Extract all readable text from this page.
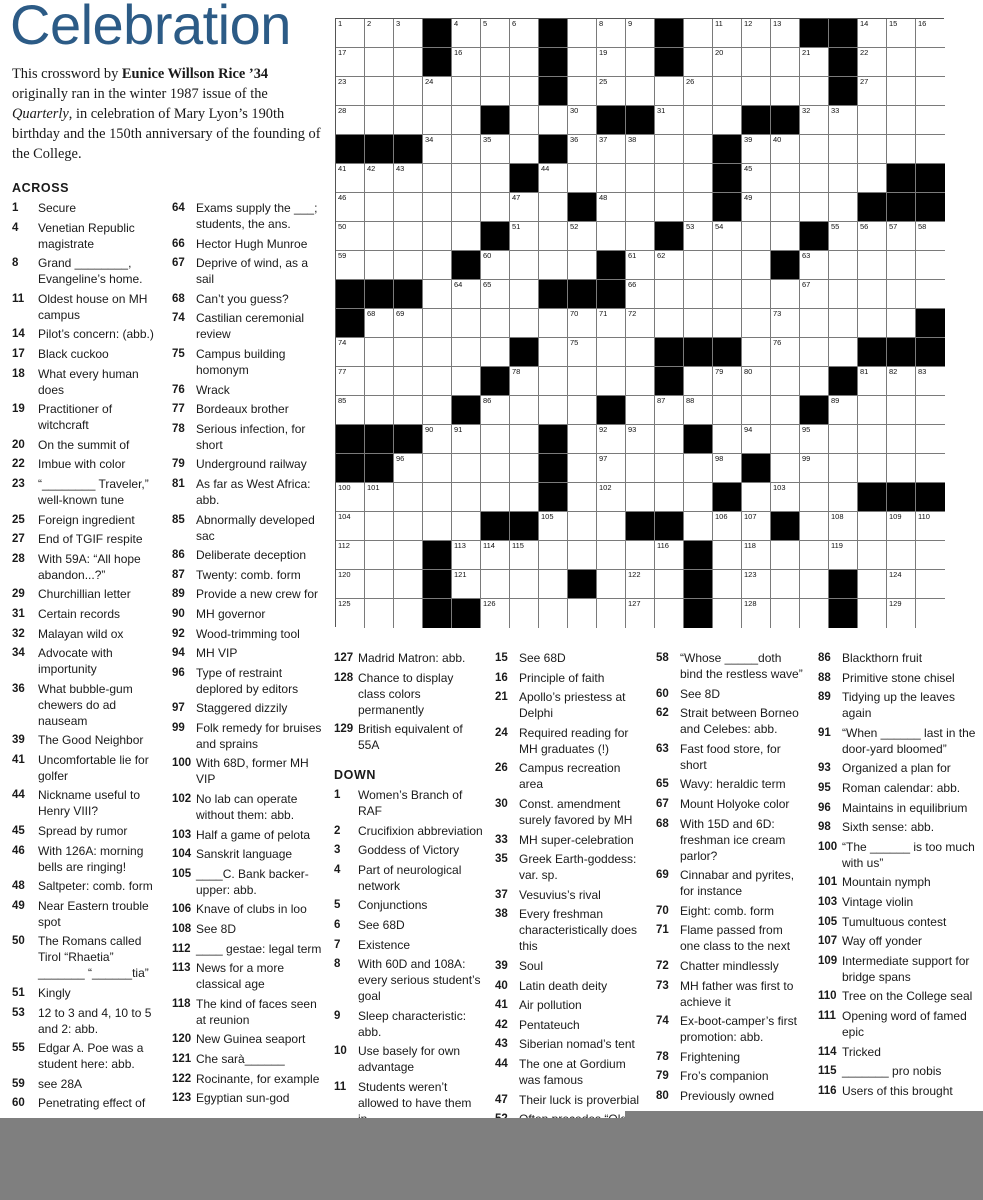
Celebration
This crossword by Eunice Willson Rice ’34 originally ran in the winter 1987 issue of the Quarterly, in celebration of Mary Lyon’s 190th birthday and the 150th anniversary of the founding of the College.
ACROSS
DOWN
1	Secure
4	Venetian Republic magistrate
8	Grand ________, Evangeline’s home.
11	Oldest house on MH campus
14	Pilot’s concern: (abb.)
17	Black cuckoo
18	What every human does
19	Practitioner of witchcraft
20	On the summit of
22	Imbue with color
23	“________ Traveler,” well-known tune
25	Foreign ingredient
27	End of TGIF respite
28	With 59A: “All hope abandon...?”
29	Churchillian letter
31	Certain records
32	Malayan wild ox
34	Advocate with importunity
36	What bubble-gum chewers do ad nauseam
39	The Good Neighbor
41	Uncomfortable lie for golfer
44	Nickname useful to Henry VIII?
45	Spread by rumor
46	With 126A: morning bells are ringing!
48	Saltpeter: comb. form
49	Near Eastern trouble spot
50	The Romans called Tirol “Rhaetia” _______ “______tia”
51	Kingly
53	12 to 3 and 4, 10 to 5 and 2: abb.
55	Edgar A. Poe was a student here: abb.
59	see 28A
60	Penetrating effect of
64 Exams supply the ___; students, the ans.
66 Hector Hugh Munroe
67 Deprive of wind, as a sail
68 Can’t you guess?
74 Castilian ceremonial review
75 Campus building homonym
76 Wrack
77 Bordeaux brother
78 Serious infection, for short
79 Underground railway
81 As far as West Africa: abb.
85 Abnormally developed sac
86 Deliberate deception
87 Twenty: comb. form
89 Provide a new crew for
90 MH governor
92 Wood-trimming tool
94 MH VIP
96 Type of restraint deplored by editors
97 Staggered dizzily
99 Folk remedy for bruises and sprains
100 With 68D, former MH VIP
102 No lab can operate without them: abb.
103 Half a game of pelota
104 Sanskrit language
105 ____C. Bank backer-upper: abb.
106 Knave of clubs in loo
108 See 8D
112 ____ gestae: legal term
113 News for a more classical age
118 The kind of faces seen at reunion
120 New Guinea seaport
121 Che sarà______
122 Rocinante, for example
123 Egyptian sun-god
127 Madrid Matron: abb.
128 Chance to display class colors permanently
129 British equivalent of 55A
1	Women’s Branch of RAF
2	Crucifixion abbreviation
3	Goddess of Victory
4	Part of neurological network
5	Conjunctions
6	See 68D
7	Existence
8	With 60D and 108A: every serious student’s goal
9	Sleep characteristic: abb.
10 Use basely for own advantage
11 Students weren’t allowed to have them
15 See 68D
16 Principle of faith
21 Apollo’s priestess at Delphi
24 Required reading for MH graduates (!)
26 Campus recreation area
30 Const. amendment surely favored by MH
33 MH super-celebration
35 Greek Earth-goddess: var. sp.
37 Vesuvius’s rival
38 Every freshman characteristically does this
39 Soul
40 Latin death deity
41 Air pollution
42 Pentateuch
43 Siberian nomad’s tent
44 The one at Gordium was famous
47 Their luck is proverbial
58 “Whose _____doth bind the restless wave”
60 See 8D
62 Strait between Borneo and Celebes: abb.
63 Fast food store, for short
65 Wavy: heraldic term
67 Mount Holyoke color
68 With 15D and 6D: freshman ice cream parlor?
69 Cinnabar and pyrites, for instance
70 Eight: comb. form
71 Flame passed from one class to the next
72 Chatter mindlessly
73 MH father was first to achieve it
74 Ex-boot-camper’s first promotion: abb.
78 Frightening
79 Fro’s companion
80 Previously owned
86 Blackthorn fruit
88 Primitive stone chisel
89 Tidying up the leaves again
91 “When ______ last in the door-yard bloomed”
93 Organized a plan for
95 Roman calendar: abb.
96 Maintains in equilibrium
98 Sixth sense: abb.
100 “The ______ is too much with us”
101 Mountain nymph
103 Vintage violin
105 Tumultuous contest
107 Way off yonder
109 Intermediate support for bridge spans
110 Tree on the College seal
111 Opening word of famed epic
114 Tricked
115 _______ pro nobis
116 Users of this brought
1	2	3	4	5	6	8	9	11	12	13	14	15	16
17	16	19	20	21	22
23	24	25	26	27
28	30	31	32	33
34	35	36	37	38	39	40
41	42	43	44	45
46	47	48	49
50	51	52	53	54	55	56	57	58
59	60	61	62	63
64	65	66	67
68	69	70	71	72	73
74	75	76
77	78	79	80	81	82	83
85	86	87	88	89
90	91	92	93	94	95
96	97	98	99
100 101	102	103
104	105	106 107	108	109 110
112	113 114 115	116	118	119
120	121	122	123	124
125	126	127	128	129
